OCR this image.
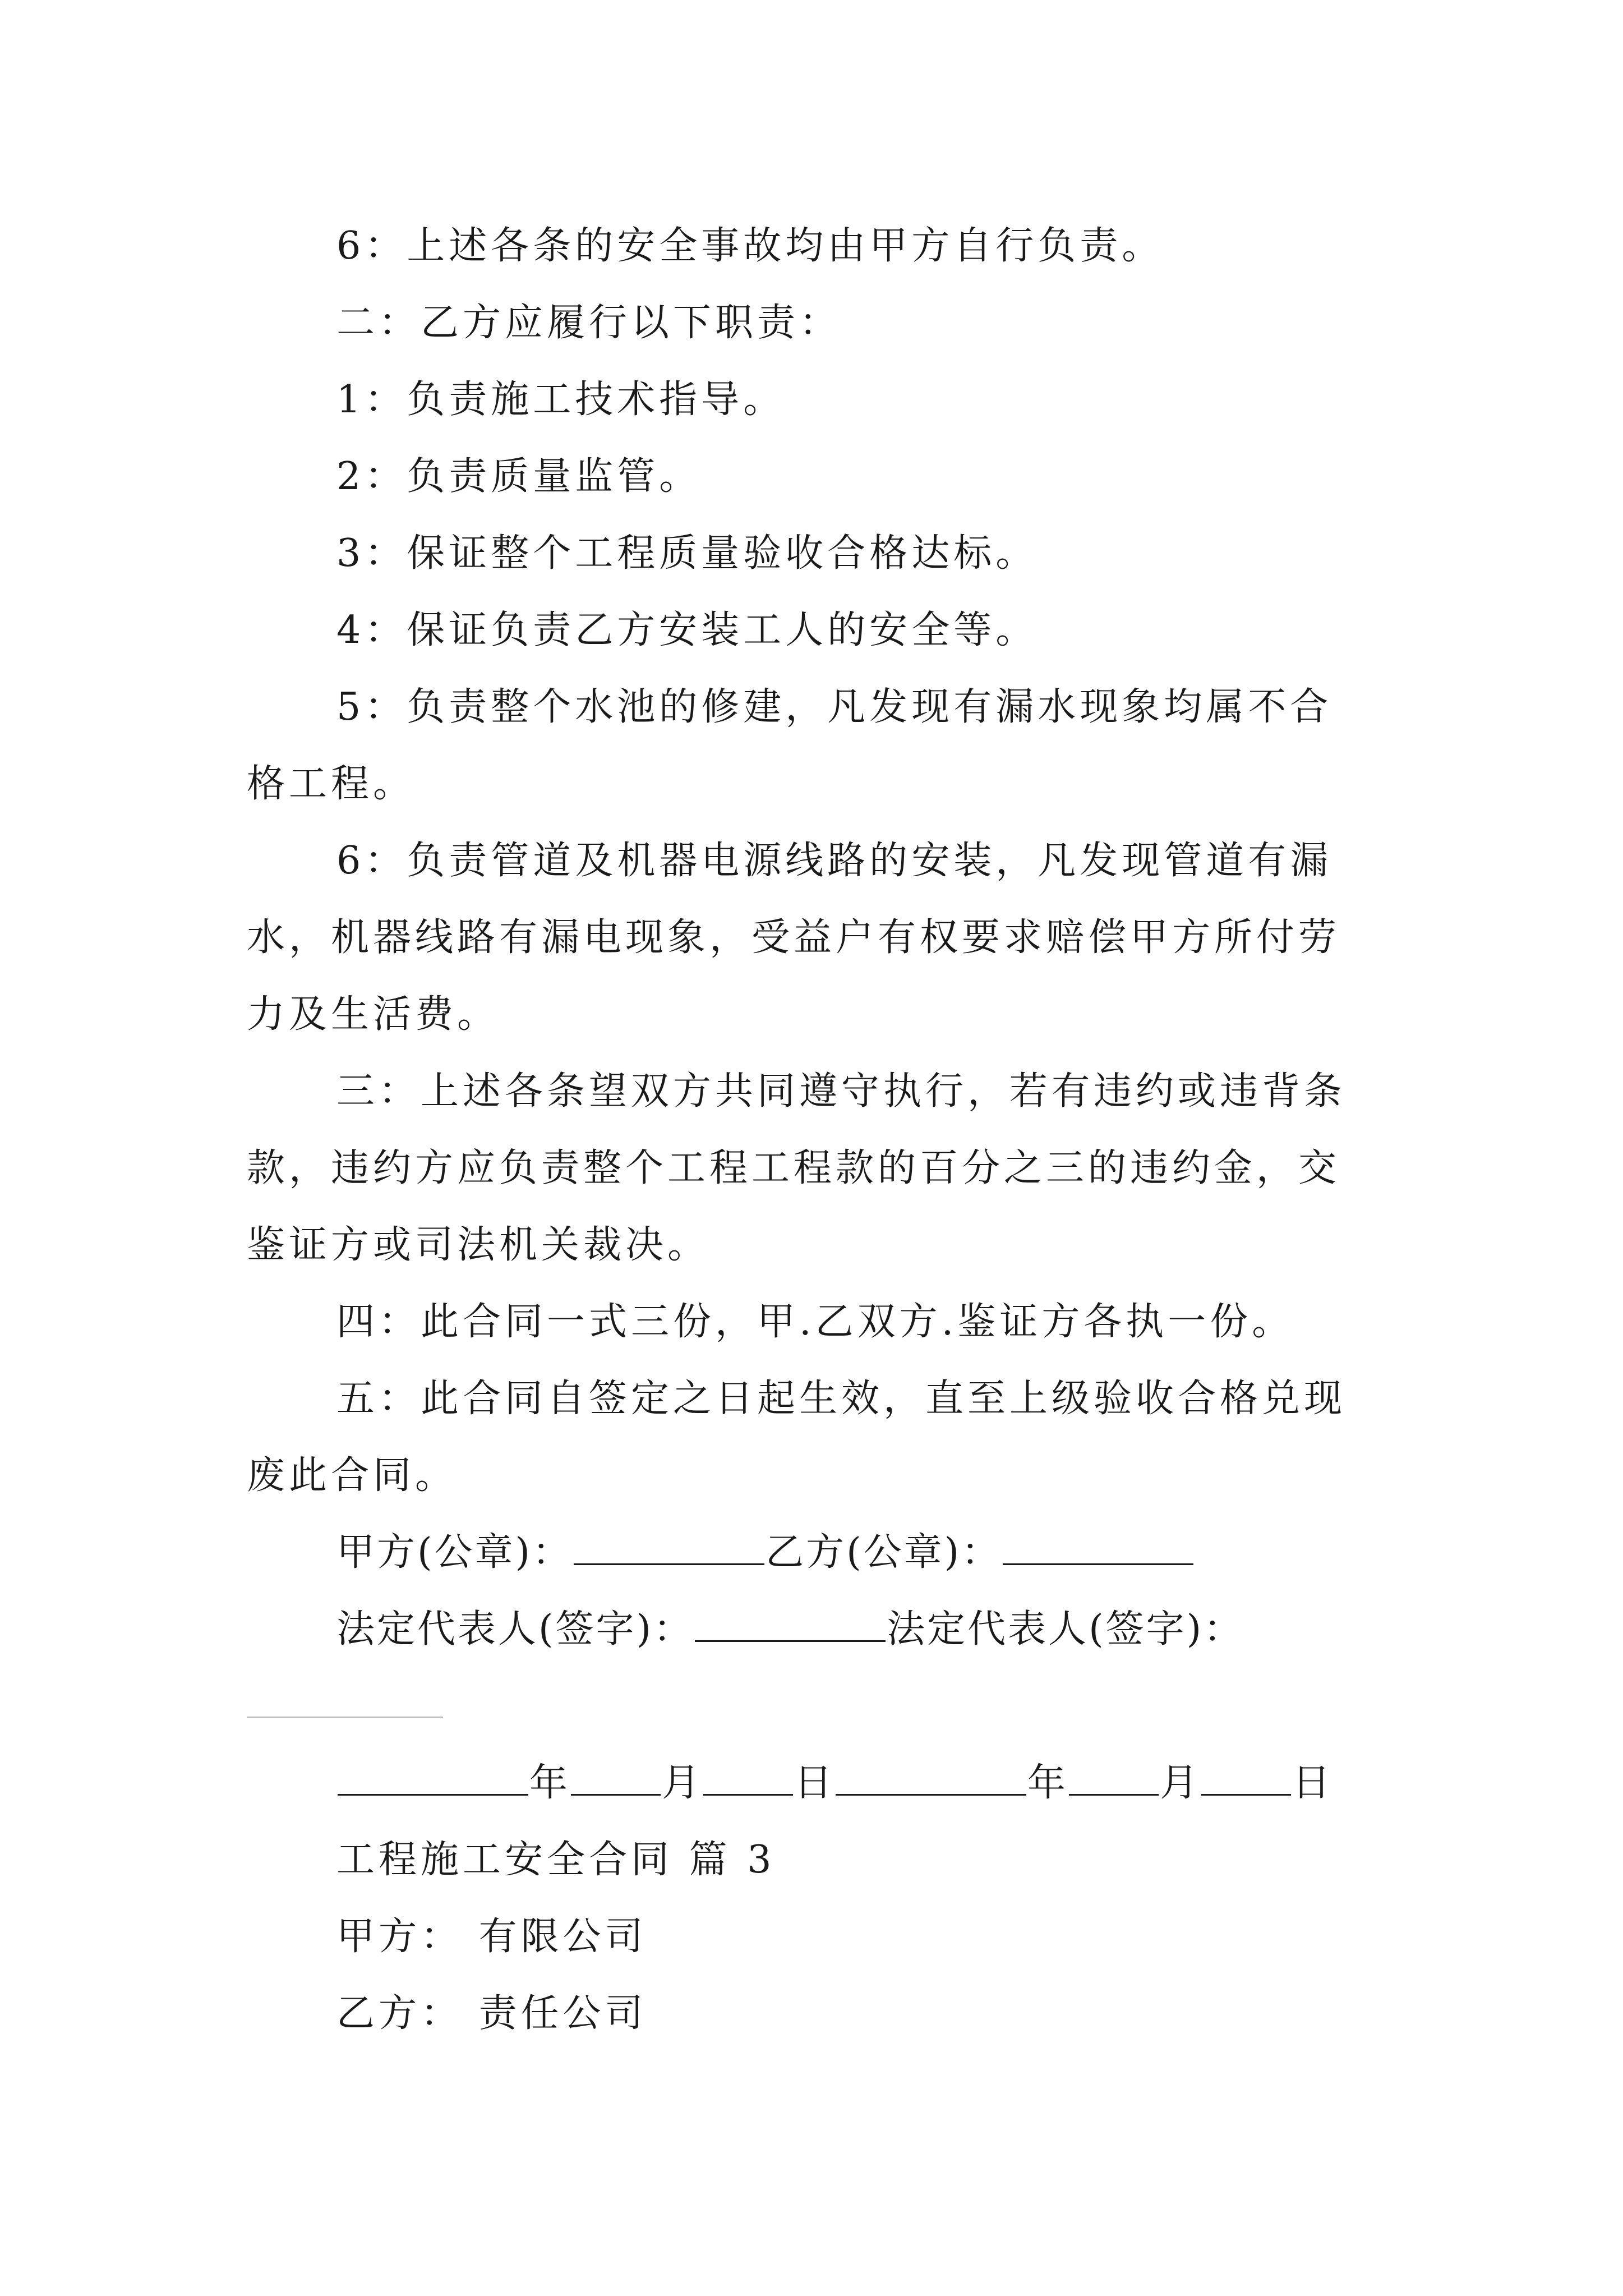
6：上述各条的安全事故均由甲方自行负责。
二：乙方应履行以下职责：
1：负责施工技术指导。
2：负责质量监管。
3：保证整个工程质量验收合格达标。
4：保证负责乙方安装工人的安全等。
5：负责整个水池的修建，凡发现有漏水现象均属不合
格工程。
6：负责管道及机器电源线路的安装，凡发现管道有漏
水，机器线路有漏电现象，受益户有权要求赔偿甲方所付劳
力及生活费。
三：上述各条望双方共同遵守执行，若有违约或违背条
款，违约方应负责整个工程工程款的百分之三的违约金，交
鉴证方或司法机关裁决。
四：此合同一式三份，甲.乙双方.鉴证方各执一份。
五：此合同自签定之日起生效，直至上级验收合格兑现
废此合同。
甲方(公章)：	乙方(公章)：
法定代表人(签字)：	法定代表人(签字)：
年 月 日	年 月 日
工程施工安全合同 篇 3
甲方： 有限公司
乙方： 责任公司
